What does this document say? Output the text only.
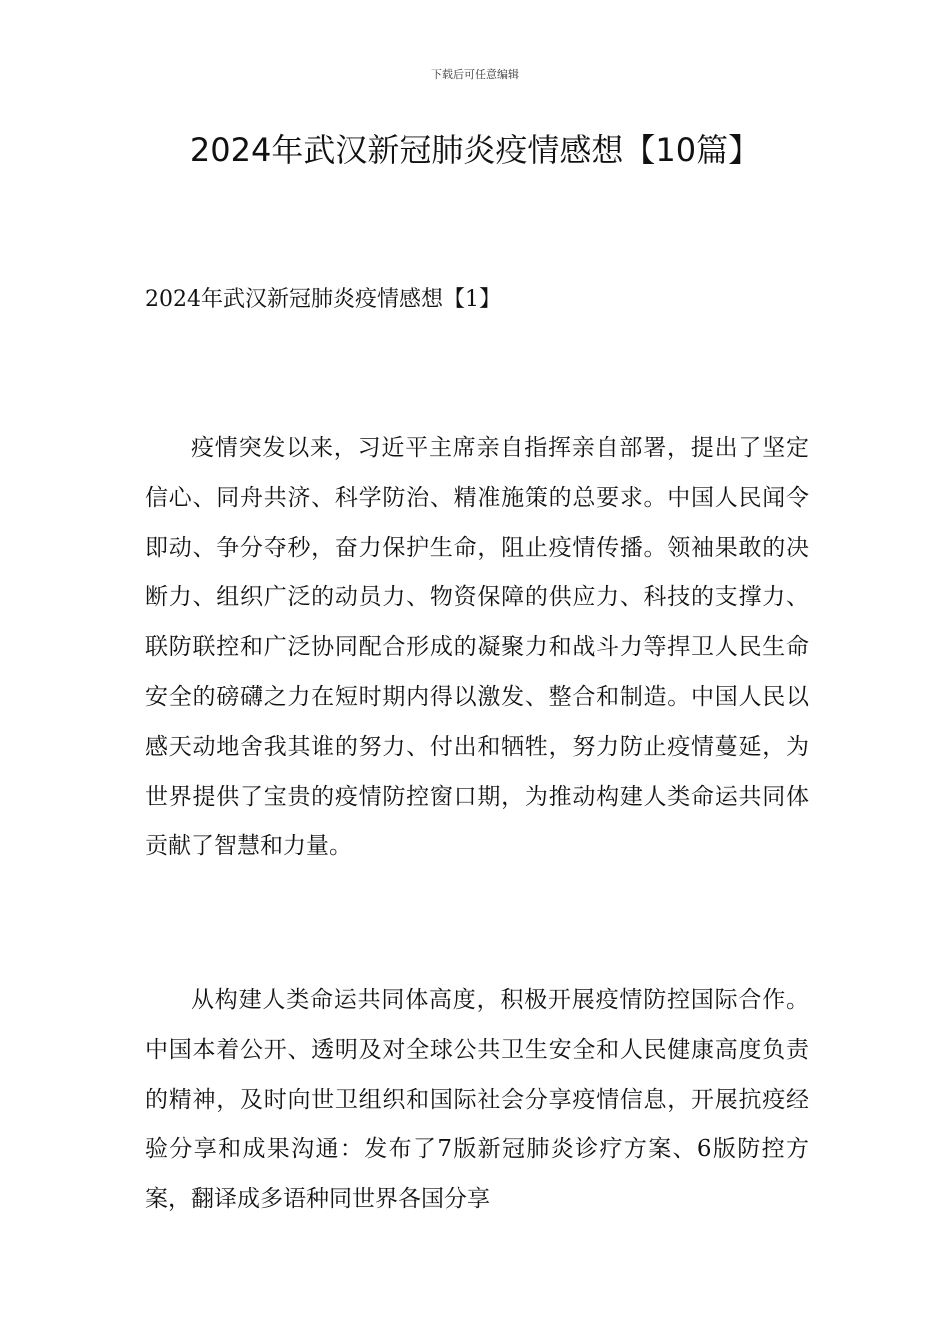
下载后可任意编辑
2024年武汉新冠肺炎疫情感想【10篇】
2024年武汉新冠肺炎疫情感想【1】

疫情突发以来，习近平主席亲自指挥亲自部署，提出了坚定信心、同舟共济、科学防治、精准施策的总要求。中国人民闻令即动、争分夺秒，奋力保护生命，阻止疫情传播。领袖果敢的决断力、组织广泛的动员力、物资保障的供应力、科技的支撑力、联防联控和广泛协同配合形成的凝聚力和战斗力等捍卫人民生命安全的磅礴之力在短时期内得以激发、整合和制造。中国人民以感天动地舍我其谁的努力、付出和牺牲，努力防止疫情蔓延，为世界提供了宝贵的疫情防控窗口期，为推动构建人类命运共同体贡献了智慧和力量。

从构建人类命运共同体高度，积极开展疫情防控国际合作。中国本着公开、透明及对全球公共卫生安全和人民健康高度负责的精神，及时向世卫组织和国际社会分享疫情信息，开展抗疫经验分享和成果沟通：发布了7版新冠肺炎诊疗方案、6版防控方案，翻译成多语种同世界各国分享
